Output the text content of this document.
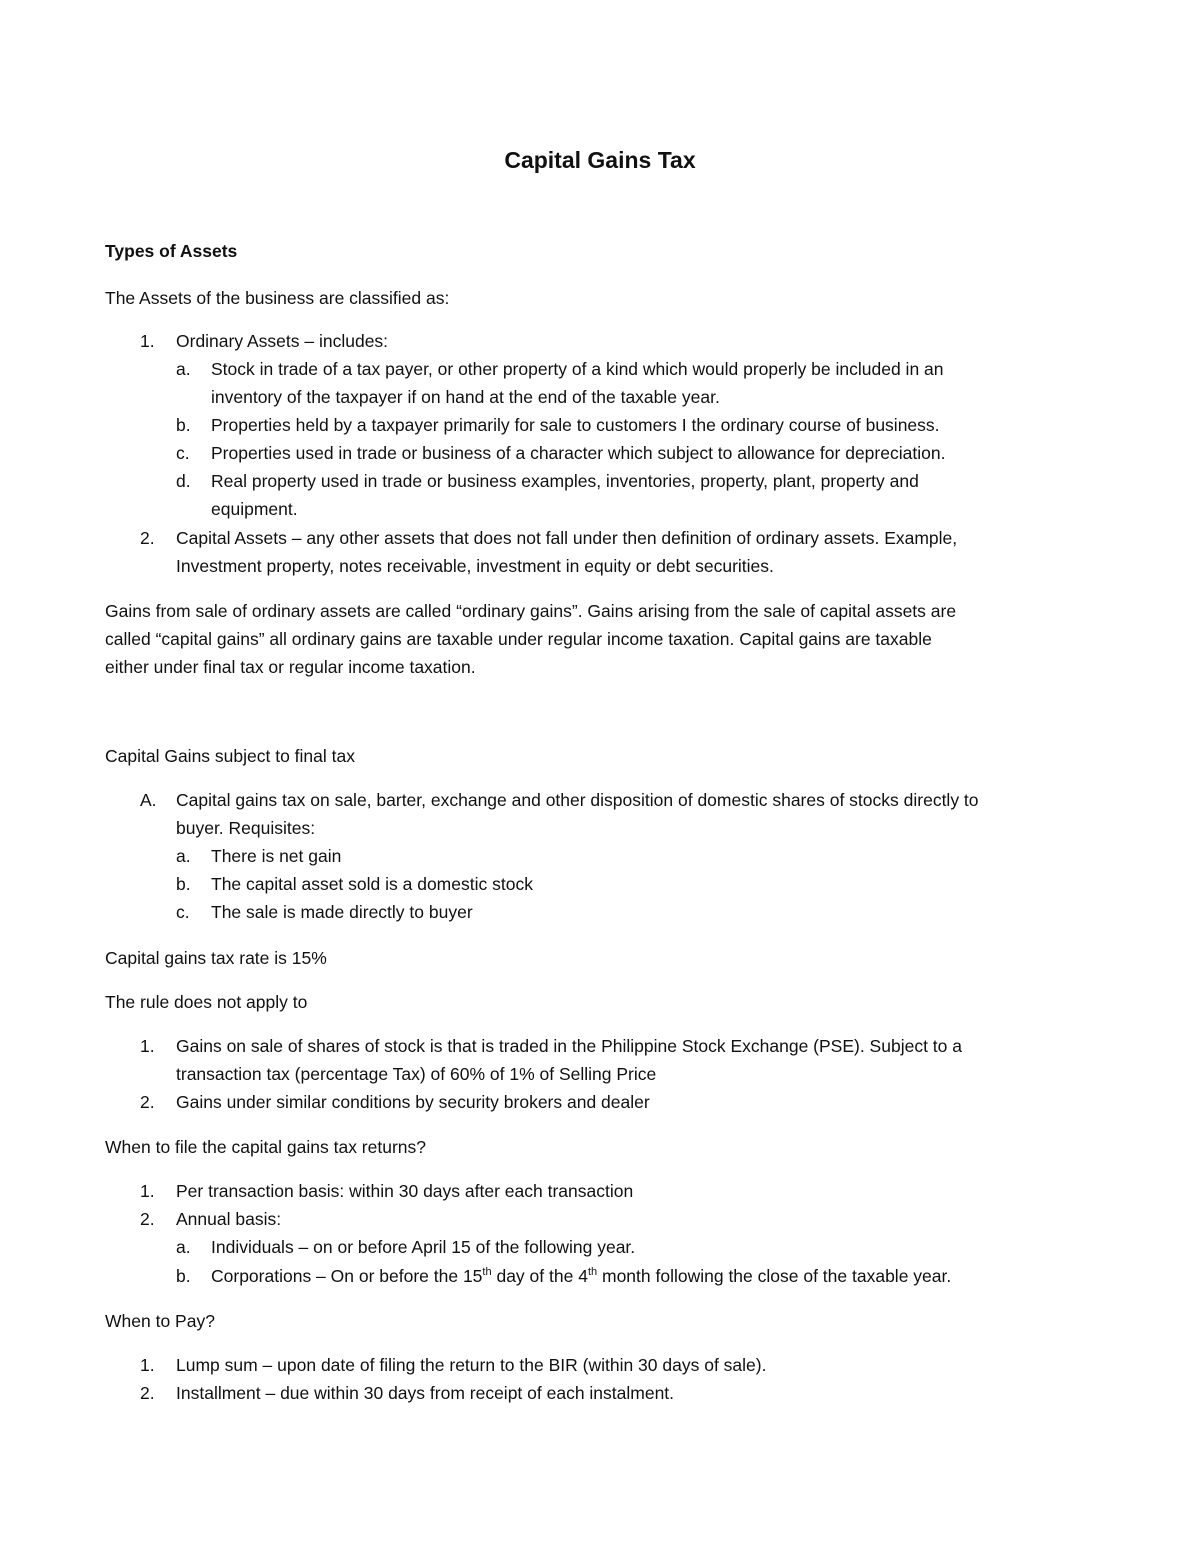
Capital Gains Tax
Types of Assets
The Assets of the business are classified as:
1. Ordinary Assets – includes:
a. Stock in trade of a tax payer, or other property of a kind which would properly be included in an
inventory of the taxpayer if on hand at the end of the taxable year.
b. Properties held by a taxpayer primarily for sale to customers I the ordinary course of business.
c. Properties used in trade or business of a character which subject to allowance for depreciation.
d. Real property used in trade or business examples, inventories, property, plant, property and
equipment.
2. Capital Assets – any other assets that does not fall under then definition of ordinary assets. Example,
Investment property, notes receivable, investment in equity or debt securities.
Gains from sale of ordinary assets are called “ordinary gains”. Gains arising from the sale of capital assets are
called “capital gains” all ordinary gains are taxable under regular income taxation. Capital gains are taxable
either under final tax or regular income taxation.
Capital Gains subject to final tax
A. Capital gains tax on sale, barter, exchange and other disposition of domestic shares of stocks directly to
buyer. Requisites:
a. There is net gain
b. The capital asset sold is a domestic stock
c. The sale is made directly to buyer
Capital gains tax rate is 15%
The rule does not apply to
1. Gains on sale of shares of stock is that is traded in the Philippine Stock Exchange (PSE). Subject to a
transaction tax (percentage Tax) of 60% of 1% of Selling Price
2. Gains under similar conditions by security brokers and dealer
When to file the capital gains tax returns?
1. Per transaction basis: within 30 days after each transaction
2. Annual basis:
a. Individuals – on or before April 15 of the following year.
b. Corporations – On or before the 15th day of the 4th month following the close of the taxable year.
When to Pay?
1. Lump sum – upon date of filing the return to the BIR (within 30 days of sale).
2. Installment – due within 30 days from receipt of each instalment.
